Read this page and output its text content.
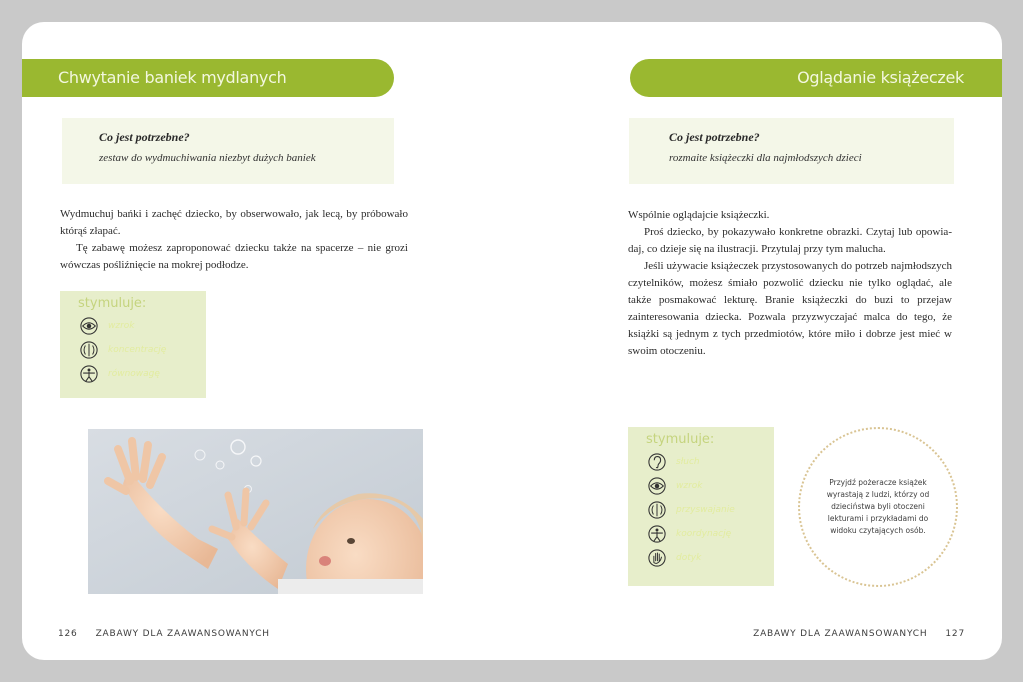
Chwytanie baniek mydlanych
Co jest potrzebne?
zestaw do wydmuchiwania niezbyt dużych baniek

Wydmuchuj bańki i zachęć dziecko, by obserwowało, jak lecą, by próbowało którąś złapać.

Tę zabawę możesz zaproponować dziecku także na spacerze – nie grozi wówczas pośliźnięcie na mokrej podłodze.

stymuluje:
wzrok
koncentrację
równowagę
126 ZABAWY DLA ZAAWANSOWANYCH
Oglądanie książeczek
Co jest potrzebne?
rozmaite książeczki dla najmłodszych dzieci

Wspólnie oglądajcie książeczki.

Proś dziecko, by pokazywało konkretne obrazki. Czytaj lub opowiadaj, co dzieje się na ilustracji. Przytulaj przy tym malucha.

Jeśli używacie książeczek przystosowanych do potrzeb najmłodszych czytelników, możesz śmiało pozwolić dziecku nie tylko oglądać, ale także posmakować lekturę. Branie książeczki do buzi to przejaw zainteresowania dziecka. Pozwala przyzwyczajać malca do tego, że książki są jednym z tych przedmiotów, które miło i dobrze jest mieć w swoim otoczeniu.

stymuluje:
słuch
wzrok
przyswajanie
koordynację
dotyk
Przyjdź pożeracze książek wyrastają z ludzi, którzy od dzieciństwa byli otoczeni lekturami i przykładami do widoku czytających osób.
ZABAWY DLA ZAAWANSOWANYCH 127
